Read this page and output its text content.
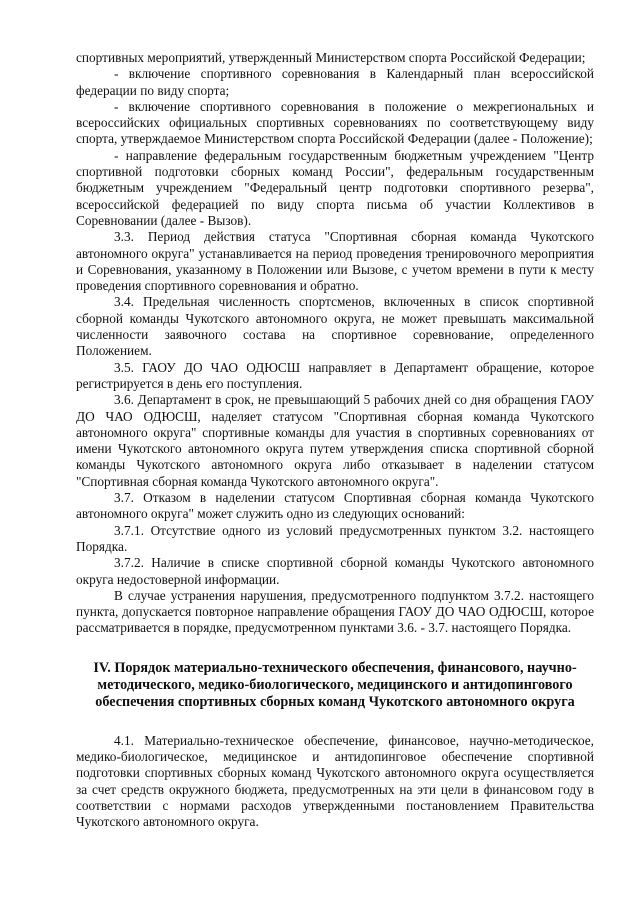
спортивных мероприятий, утвержденный Министерством спорта Российской Федерации;

- включение спортивного соревнования в Календарный план всероссийской федерации по виду спорта;

- включение спортивного соревнования в положение о межрегиональных и всероссийских официальных спортивных соревнованиях по соответствующему виду спорта, утверждаемое Министерством спорта Российской Федерации (далее - Положение);

- направление федеральным государственным бюджетным учреждением "Центр спортивной подготовки сборных команд России", федеральным государственным бюджетным учреждением "Федеральный центр подготовки спортивного резерва", всероссийской федерацией по виду спорта письма об участии Коллективов в Соревновании (далее - Вызов).

3.3. Период действия статуса "Спортивная сборная команда Чукотского автономного округа" устанавливается на период проведения тренировочного мероприятия и Соревнования, указанному в Положении или Вызове, с учетом времени в пути к месту проведения спортивного соревнования и обратно.

3.4. Предельная численность спортсменов, включенных в список спортивной сборной команды Чукотского автономного округа, не может превышать максимальной численности заявочного состава на спортивное соревнование, определенного Положением.

3.5. ГАОУ ДО ЧАО ОДЮСШ направляет в Департамент обращение, которое регистрируется в день его поступления.

3.6. Департамент в срок, не превышающий 5 рабочих дней со дня обращения ГАОУ ДО ЧАО ОДЮСШ, наделяет статусом "Спортивная сборная команда Чукотского автономного округа" спортивные команды для участия в спортивных соревнованиях от имени Чукотского автономного округа путем утверждения списка спортивной сборной команды Чукотского автономного округа либо отказывает в наделении статусом "Спортивная сборная команда Чукотского автономного округа".

3.7. Отказом в наделении статусом Спортивная сборная команда Чукотского автономного округа" может служить одно из следующих оснований:

3.7.1. Отсутствие одного из условий предусмотренных пунктом 3.2. настоящего Порядка.

3.7.2. Наличие в списке спортивной сборной команды Чукотского автономного округа недостоверной информации.

В случае устранения нарушения, предусмотренного подпунктом 3.7.2. настоящего пункта, допускается повторное направление обращения ГАОУ ДО ЧАО ОДЮСШ, которое рассматривается в порядке, предусмотренном пунктами 3.6. - 3.7. настоящего Порядка.

IV. Порядок материально-технического обеспечения, финансового, научно-методического, медико-биологического, медицинского и антидопингового обеспечения спортивных сборных команд Чукотского автономного округа

4.1. Материально-техническое обеспечение, финансовое, научно-методическое, медико-биологическое, медицинское и антидопинговое обеспечение спортивной подготовки спортивных сборных команд Чукотского автономного округа осуществляется за счет средств окружного бюджета, предусмотренных на эти цели в финансовом году в соответствии с нормами расходов утвержденными постановлением Правительства Чукотского автономного округа.
